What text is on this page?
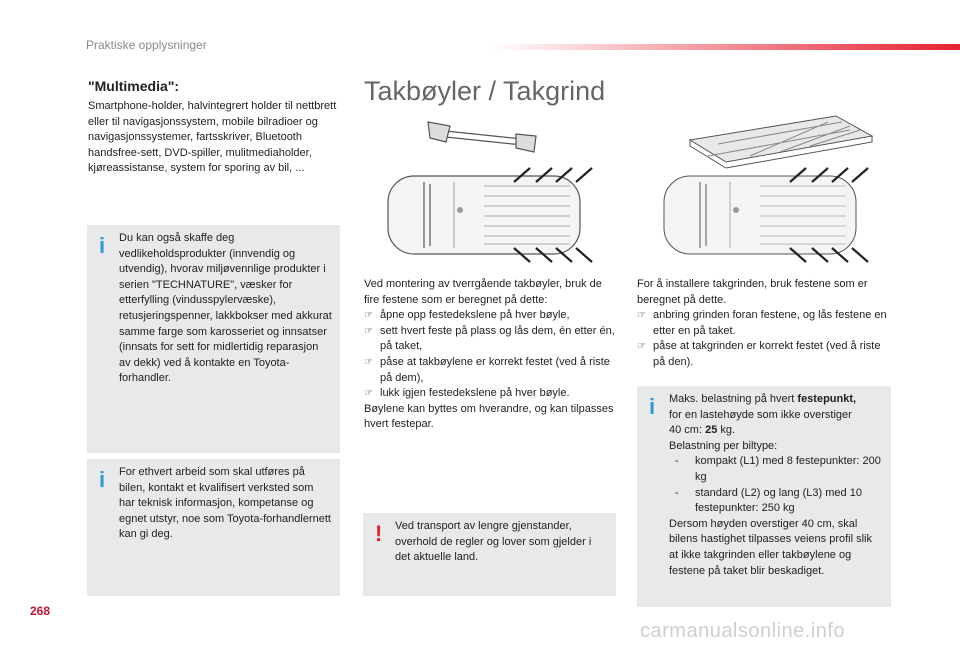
Praktiske opplysninger
"Multimedia":
Smartphone-holder, halvintegrert holder til nettbrett eller til navigasjonssystem, mobile bilradioer og navigasjonssystemer, fartsskriver, Bluetooth handsfree-sett, DVD-spiller, mulitmediaholder, kjøreassistanse, system for sporing av bil, ...
i Du kan også skaffe deg vedlikeholdsprodukter (innvendig og utvendig), hvorav miljøvennlige produkter i serien "TECHNATURE", væsker for etterfylling (vindusspylervæske), retusjeringspenner, lakkbokser med akkurat samme farge som karosseriet og innsatser (innsats for sett for midlertidig reparasjon av dekk) ved å kontakte en Toyota-forhandler.
i For ethvert arbeid som skal utføres på bilen, kontakt et kvalifisert verksted som har teknisk informasjon, kompetanse og egnet utstyr, noe som Toyota-forhandlernett kan gi deg.
Takbøyler / Takgrind

Ved montering av tverrgående takbøyler, bruk de fire festene som er beregnet på dette:

☞ åpne opp festedekslene på hver bøyle,

☞ sett hvert feste på plass og lås dem, én etter én, på taket,

☞ påse at takbøylene er korrekt festet (ved å riste på dem),

☞ lukk igjen festedekslene på hver bøyle.

Bøylene kan byttes om hverandre, og kan tilpasses hvert festepar.

! Ved transport av lengre gjenstander, overhold de regler og lover som gjelder i det aktuelle land.

For å installere takgrinden, bruk festene som er beregnet på dette.

☞ anbring grinden foran festene, og lås festene en etter en på taket.

☞ påse at takgrinden er korrekt festet (ved å riste på den).

i Maks. belastning på hvert festepunkt,
for en lastehøyde som ikke overstiger
40 cm: 25 kg.
Belastning per biltype:
- kompakt (L1) med 8 festepunkter: 200 kg
- standard (L2) og lang (L3) med 10 festepunkter: 250 kg
Dersom høyden overstiger 40 cm, skal bilens hastighet tilpasses veiens profil slik at ikke takgrinden eller takbøylene og festene på taket blir beskadiget.
268
carmanualsonline.info
